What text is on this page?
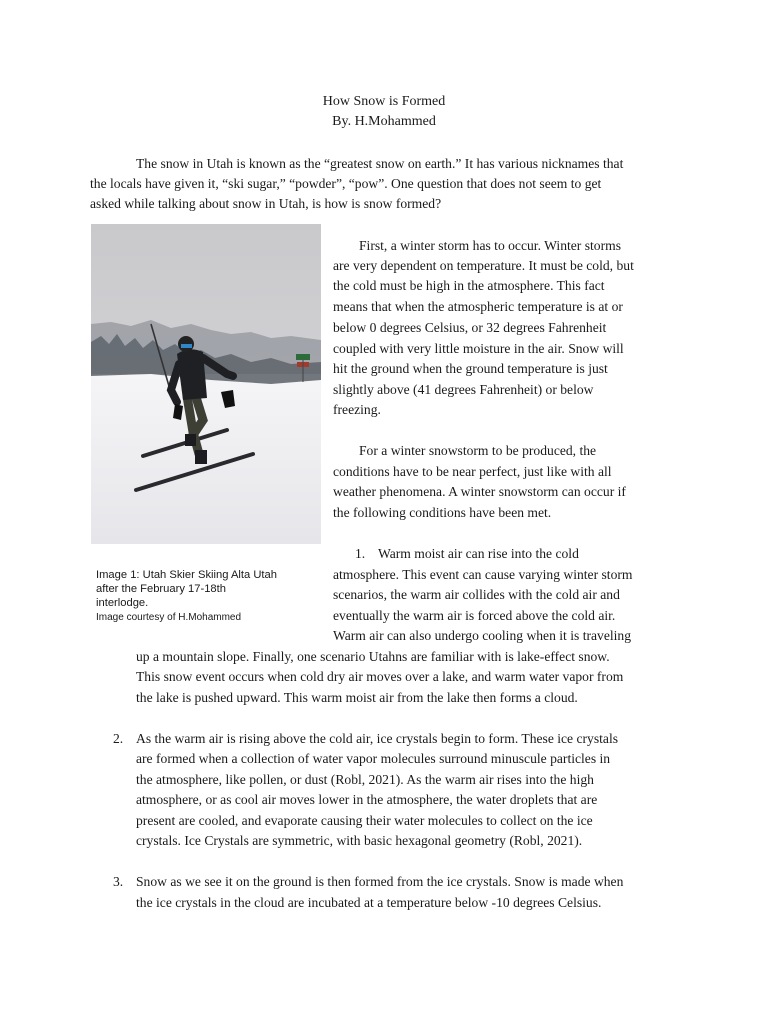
How Snow is Formed
By. H.Mohammed
The snow in Utah is known as the “greatest snow on earth.” It has various nicknames that
the locals have given it, “ski sugar,” “powder”, “pow”. One question that does not seem to get
asked while talking about snow in Utah, is how is snow formed?
Image 1: Utah Skier Skiing Alta Utah
after the February 17-18th
interlodge.
Image courtesy of H.Mohammed
First, a winter storm has to occur. Winter storms
are very dependent on temperature. It must be cold, but
the cold must be high in the atmosphere. This fact
means that when the atmospheric temperature is at or
below 0 degrees Celsius, or 32 degrees Fahrenheit
coupled with very little moisture in the air. Snow will
hit the ground when the ground temperature is just
slightly above (41 degrees Fahrenheit) or below
freezing.
For a winter snowstorm to be produced, the
conditions have to be near perfect, just like with all
weather phenomena. A winter snowstorm can occur if
the following conditions have been met.
1. Warm moist air can rise into the cold
atmosphere. This event can cause varying winter storm
scenarios, the warm air collides with the cold air and
eventually the warm air is forced above the cold air.
Warm air can also undergo cooling when it is traveling
up a mountain slope. Finally, one scenario Utahns are familiar with is lake-effect snow.
This snow event occurs when cold dry air moves over a lake, and warm water vapor from
the lake is pushed upward. This warm moist air from the lake then forms a cloud.
2. As the warm air is rising above the cold air, ice crystals begin to form. These ice crystals
are formed when a collection of water vapor molecules surround minuscule particles in
the atmosphere, like pollen, or dust (Robl, 2021). As the warm air rises into the high
atmosphere, or as cool air moves lower in the atmosphere, the water droplets that are
present are cooled, and evaporate causing their water molecules to collect on the ice
crystals. Ice Crystals are symmetric, with basic hexagonal geometry (Robl, 2021).
3. Snow as we see it on the ground is then formed from the ice crystals. Snow is made when
the ice crystals in the cloud are incubated at a temperature below -10 degrees Celsius.
